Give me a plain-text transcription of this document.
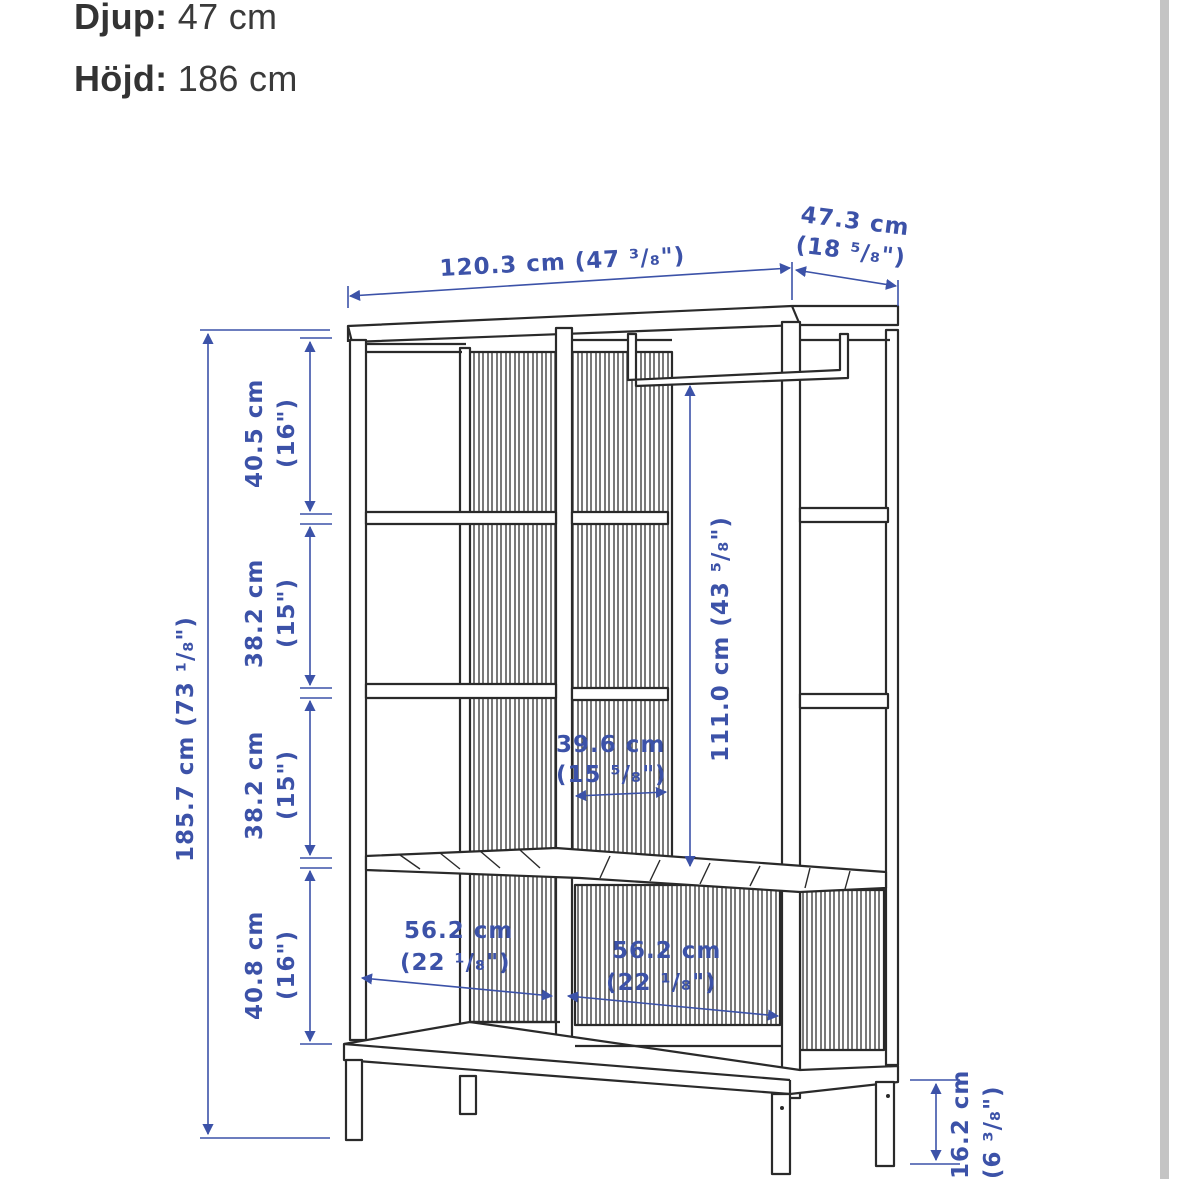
Djup: 47 cm
Höjd: 186 cm
120.3 cm (47 ³/₈")
47.3 cm
(18 ⁵/₈")
185.7 cm (73 ¹/₈")
40.5 cm (16")
38.2 cm (15")
38.2 cm (15")
40.8 cm (16")
111.0 cm (43 ⁵/₈")
39.6 cm
(15 ⁵/₈")
56.2 cm
(22 ¹/₈")	56.2 cm
(22 ¹/₈")
16.2 cm (6 ³/₈")
